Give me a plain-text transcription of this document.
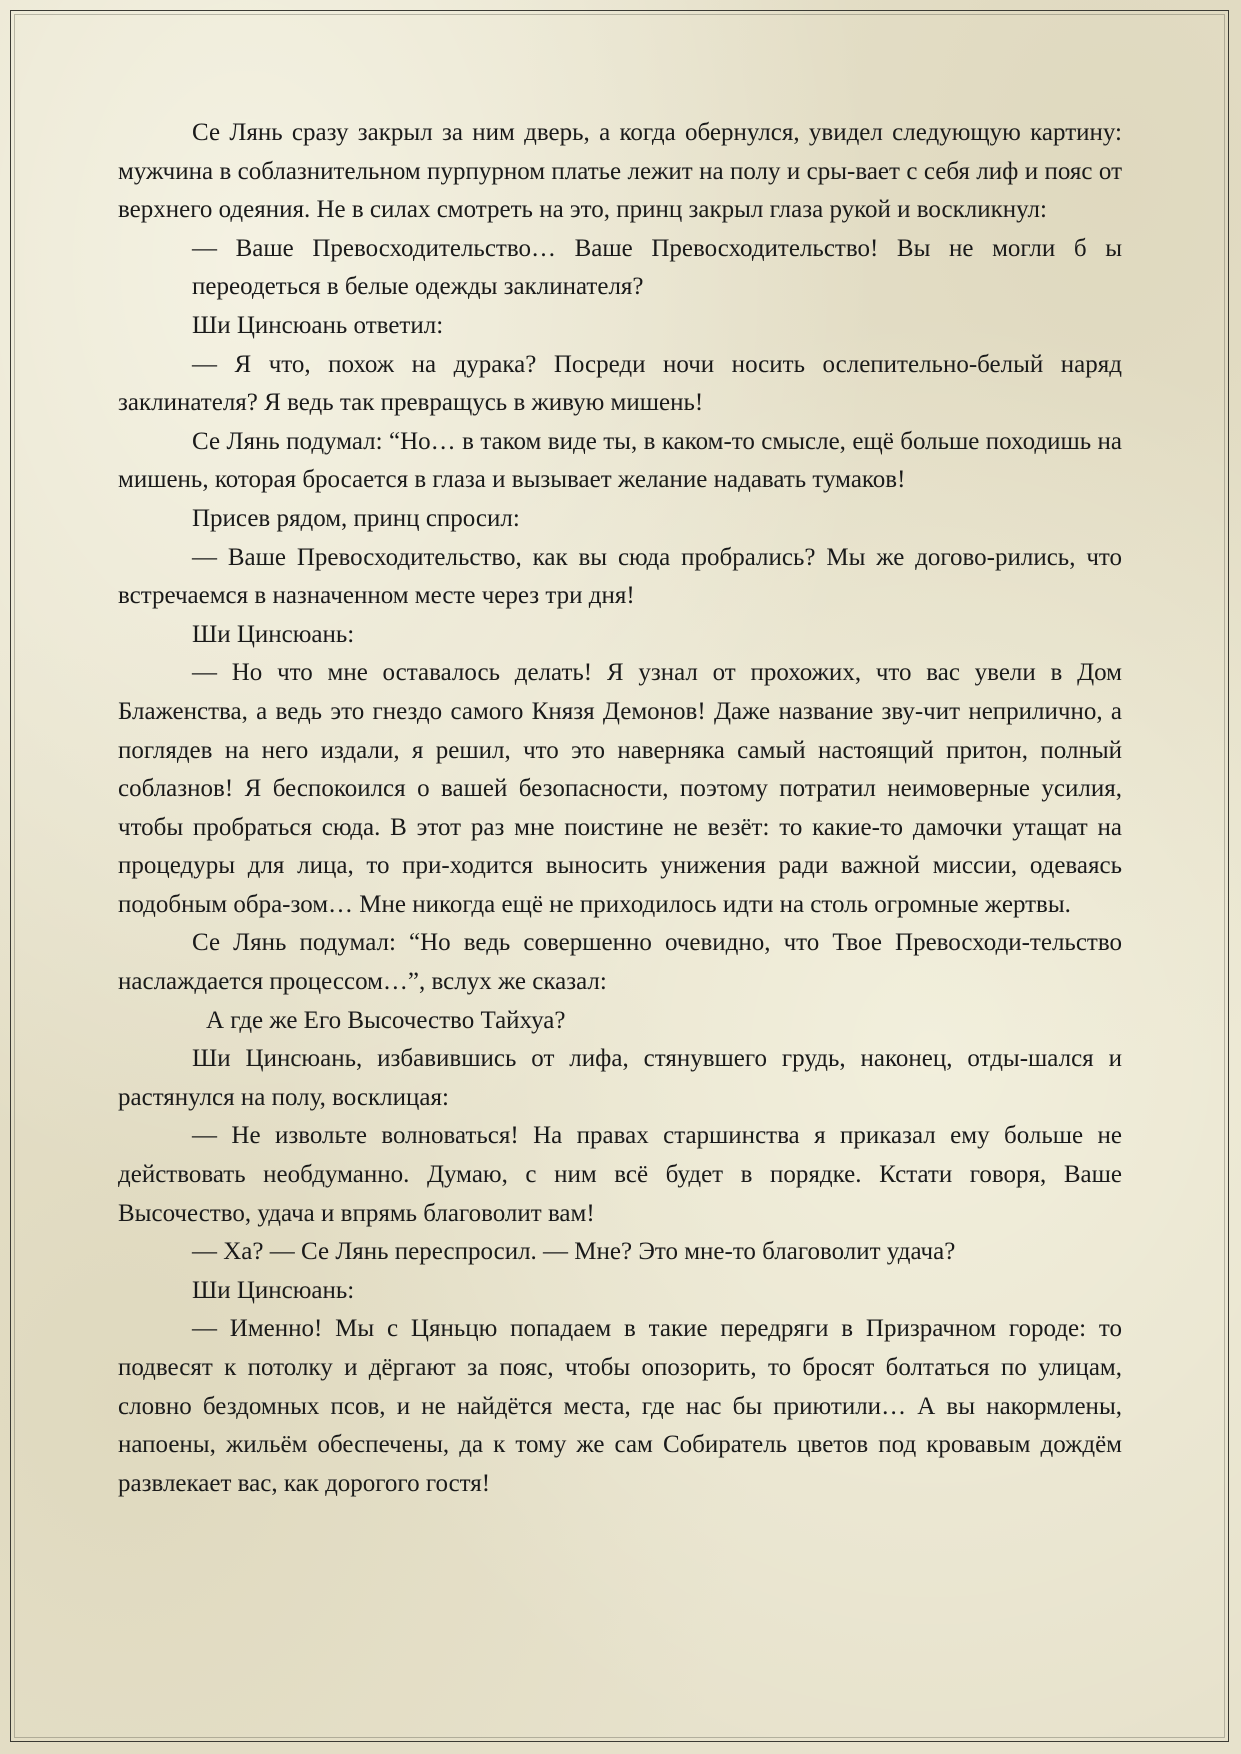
Се Лянь сразу закрыл за ним дверь, а когда обернулся, увидел следующую картину: мужчина в соблазнительном пурпурном платье лежит на полу и сры-вает с себя лиф и пояс от верхнего одеяния. Не в силах смотреть на это, принц закрыл глаза рукой и воскликнул:

— Ваше Превосходительство… Ваше Превосходительство! Вы не могли б ы переодеться в белые одежды заклинателя?

Ши Цинсюань ответил:

— Я что, похож на дурака? Посреди ночи носить ослепительно-белый наряд заклинателя? Я ведь так превращусь в живую мишень!

Се Лянь подумал: “Но… в таком виде ты, в каком-то смысле, ещё больше походишь на мишень, которая бросается в глаза и вызывает желание надавать тумаков!

Присев рядом, принц спросил:

— Ваше Превосходительство, как вы сюда пробрались? Мы же догово-рились, что встречаемся в назначенном месте через три дня!

Ши Цинсюань:

— Но что мне оставалось делать! Я узнал от прохожих, что вас увели в Дом Блаженства, а ведь это гнездо самого Князя Демонов! Даже название зву-чит неприлично, а поглядев на него издали, я решил, что это наверняка самый настоящий притон, полный соблазнов! Я беспокоился о вашей безопасности, поэтому потратил неимоверные усилия, чтобы пробраться сюда. В этот раз мне поистине не везёт: то какие-то дамочки утащат на процедуры для лица, то при-ходится выносить унижения ради важной миссии, одеваясь подобным обра-зом… Мне никогда ещё не приходилось идти на столь огромные жертвы.

Се Лянь подумал: “Но ведь совершенно очевидно, что Твое Превосходи-тельство наслаждается процессом…”, вслух же сказал:

А где же Его Высочество Тайхуа?

Ши Цинсюань, избавившись от лифа, стянувшего грудь, наконец, отды-шался и растянулся на полу, восклицая:

— Не извольте волноваться! На правах старшинства я приказал ему больше не действовать необдуманно. Думаю, с ним всё будет в порядке. Кстати говоря, Ваше Высочество, удача и впрямь благоволит вам!

— Ха? — Се Лянь переспросил. — Мне? Это мне-то благоволит удача?

Ши Цинсюань:

— Именно! Мы с Цяньцю попадаем в такие передряги в Призрачном городе: то подвесят к потолку и дёргают за пояс, чтобы опозорить, то бросят болтаться по улицам, словно бездомных псов, и не найдётся места, где нас бы приютили… А вы накормлены, напоены, жильём обеспечены, да к тому же сам Собиратель цветов под кровавым дождём развлекает вас, как дорогого гостя!
